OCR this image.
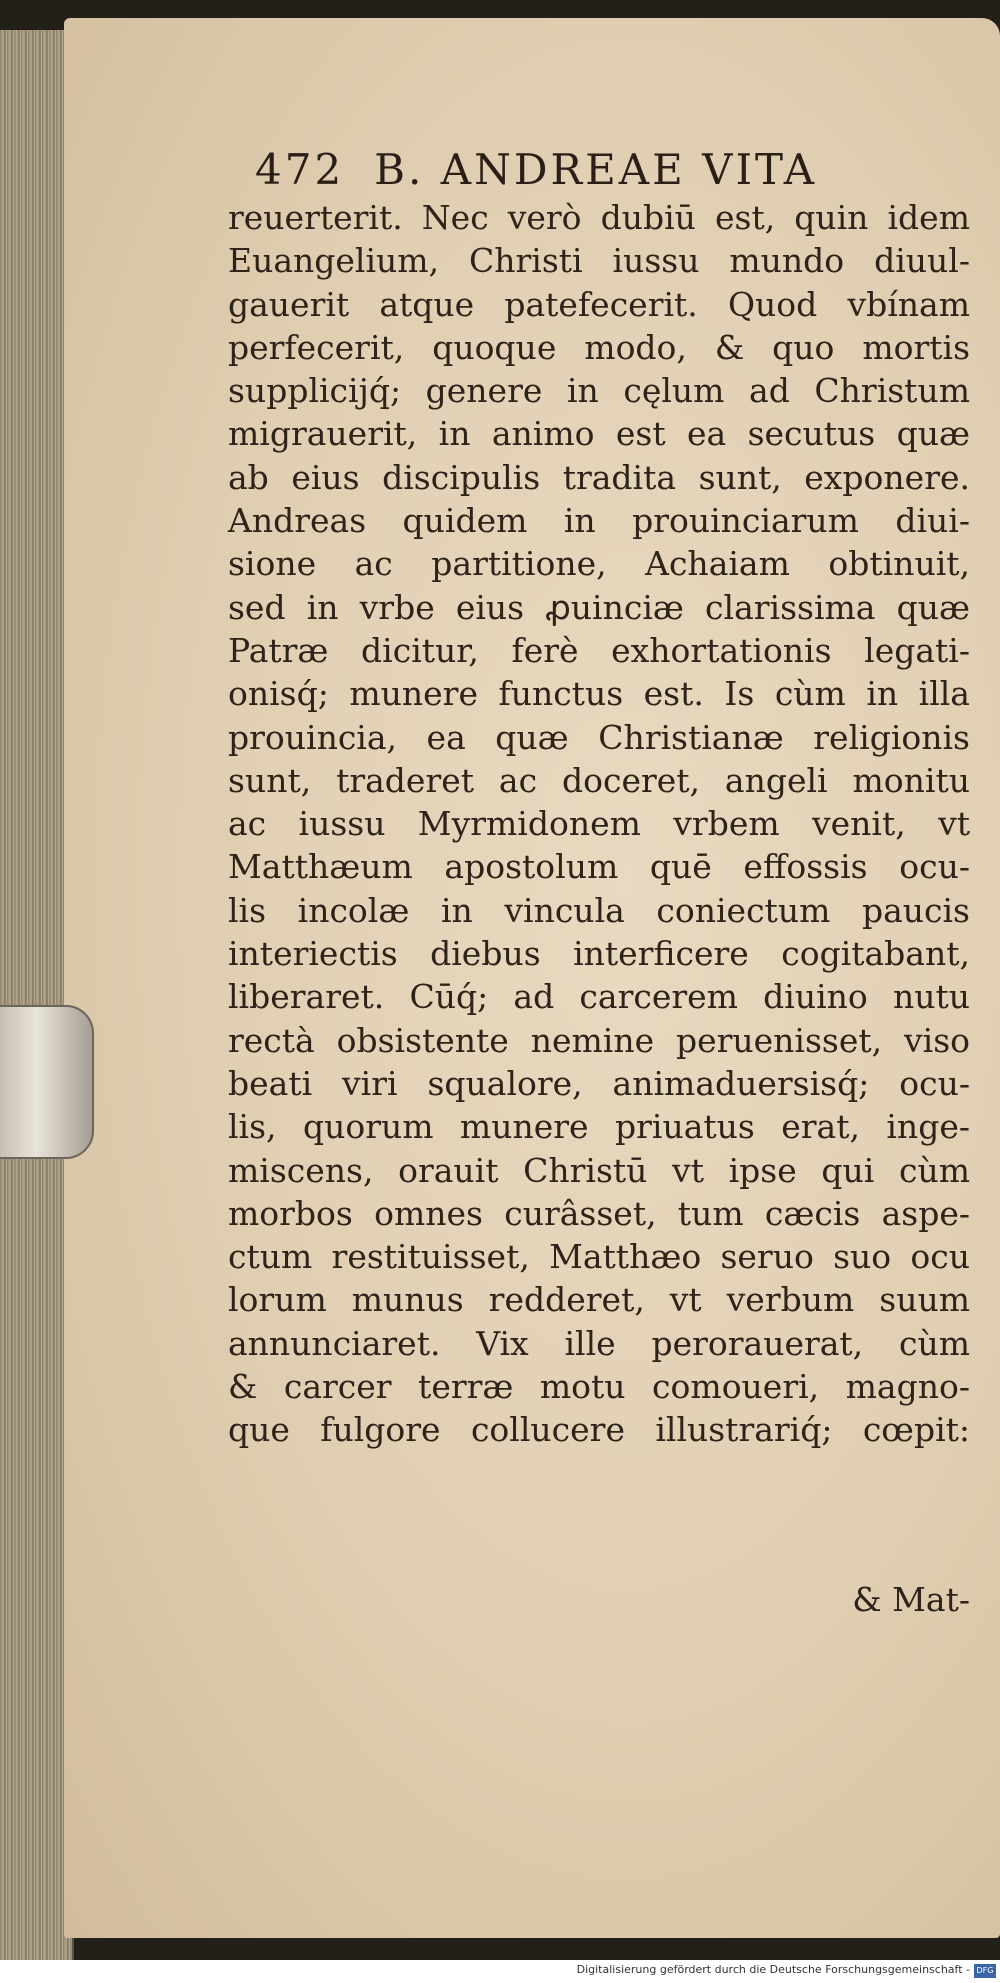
472 B. ANDREAE VITA
reuerterit. Nec verò dubiū est, quin idem
Euangelium, Christi iussu mundo diuul-
gauerit atque patefecerit. Quod vbínam
perfecerit, quoque modo, & quo mortis
supplicijq́; genere in cęlum ad Christum
migrauerit, in animo est ea secutus quæ
ab eius discipulis tradita sunt, exponere.
Andreas quidem in prouinciarum diui-
sione ac partitione, Achaiam obtinuit,
sed in vrbe eius ꝓuinciæ clarissima quæ
Patræ dicitur, ferè exhortationis legati-
onisq́; munere functus est. Is cùm in illa
prouincia, ea quæ Christianæ religionis
sunt, traderet ac doceret, angeli monitu
ac iussu Myrmidonem vrbem venit, vt
Matthæum apostolum quē effossis ocu-
lis incolæ in vincula coniectum paucis
interiectis diebus interficere cogitabant,
liberaret. Cūq́; ad carcerem diuino nutu
rectà obsistente nemine peruenisset, viso
beati viri squalore, animaduersisq́; ocu-
lis, quorum munere priuatus erat, inge-
miscens, orauit Christū vt ipse qui cùm
morbos omnes curâsset, tum cæcis aspe-
ctum restituisset, Matthæo seruo suo ocu
lorum munus redderet, vt verbum suum
annunciaret. Vix ille perorauerat, cùm
& carcer terræ motu comoueri, magno-
que fulgore collucere illustrariq́; cœpit:
& Mat-
Digitalisierung gefördert durch die Deutsche Forschungsgemeinschaft - DFG
